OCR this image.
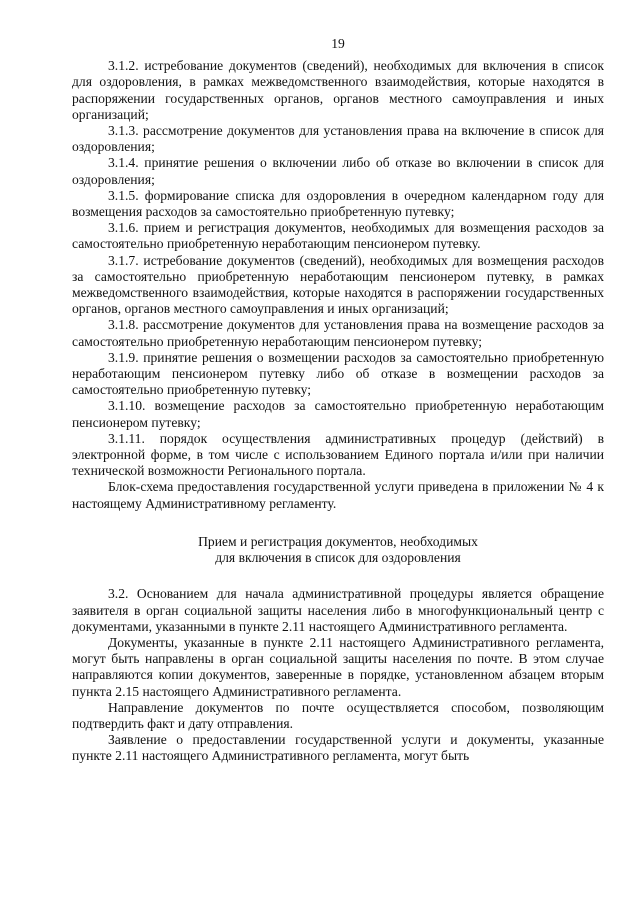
19

3.1.2. истребование документов (сведений), необходимых для включения в список для оздоровления, в рамках межведомственного взаимодействия, которые находятся в распоряжении государственных органов, органов местного самоуправления и иных организаций;

3.1.3. рассмотрение документов для установления права на включение в список для оздоровления;

3.1.4. принятие решения о включении либо об отказе во включении в список для оздоровления;

3.1.5. формирование списка для оздоровления в очередном календарном году для возмещения расходов за самостоятельно приобретенную путевку;

3.1.6. прием и регистрация документов, необходимых для возмещения расходов за самостоятельно приобретенную неработающим пенсионером путевку.

3.1.7. истребование документов (сведений), необходимых для возмещения расходов за самостоятельно приобретенную неработающим пенсионером путевку, в рамках межведомственного взаимодействия, которые находятся в распоряжении государственных органов, органов местного самоуправления и иных организаций;

3.1.8. рассмотрение документов для установления права на возмещение расходов за самостоятельно приобретенную неработающим пенсионером путевку;

3.1.9. принятие решения о возмещении расходов за самостоятельно приобретенную неработающим пенсионером путевку либо об отказе в возмещении расходов за самостоятельно приобретенную путевку;

3.1.10. возмещение расходов за самостоятельно приобретенную неработающим пенсионером путевку;

3.1.11. порядок осуществления административных процедур (действий) в электронной форме, в том числе с использованием Единого портала и/или при наличии технической возможности Регионального портала.

Блок-схема предоставления государственной услуги приведена в приложении № 4 к настоящему Административному регламенту.

Прием и регистрация документов, необходимых
для включения в список для оздоровления

3.2. Основанием для начала административной процедуры является обращение заявителя в орган социальной защиты населения либо в многофункциональный центр с документами, указанными в пункте 2.11 настоящего Административного регламента.

Документы, указанные в пункте 2.11 настоящего Административного регламента, могут быть направлены в орган социальной защиты населения по почте. В этом случае направляются копии документов, заверенные в порядке, установленном абзацем вторым пункта 2.15 настоящего Административного регламента.

Направление документов по почте осуществляется способом, позволяющим подтвердить факт и дату отправления.

Заявление о предоставлении государственной услуги и документы, указанные пункте 2.11 настоящего Административного регламента, могут быть
